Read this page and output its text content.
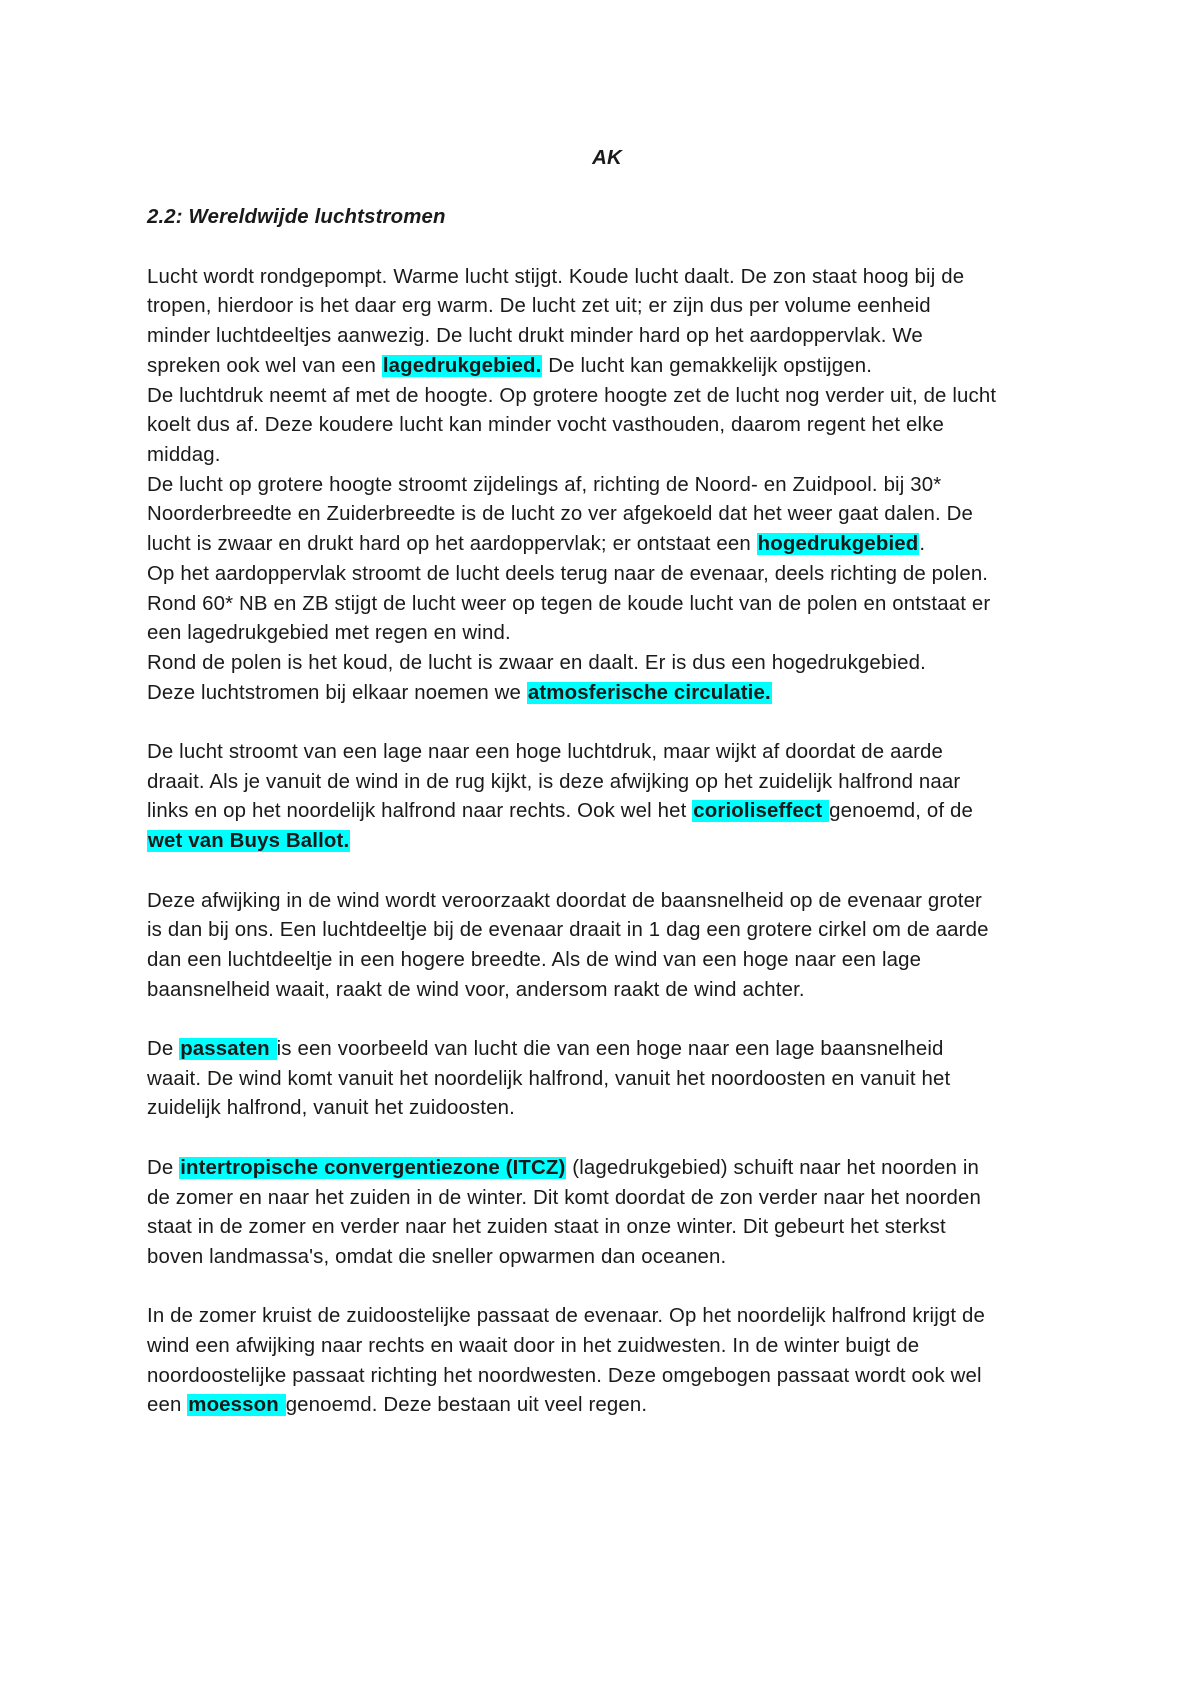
AK
2.2: Wereldwijde luchtstromen
Lucht wordt rondgepompt. Warme lucht stijgt. Koude lucht daalt. De zon staat hoog bij de
tropen, hierdoor is het daar erg warm. De lucht zet uit; er zijn dus per volume eenheid
minder luchtdeeltjes aanwezig. De lucht drukt minder hard op het aardoppervlak. We
spreken ook wel van een lagedrukgebied. De lucht kan gemakkelijk opstijgen.
De luchtdruk neemt af met de hoogte. Op grotere hoogte zet de lucht nog verder uit, de lucht
koelt dus af. Deze koudere lucht kan minder vocht vasthouden, daarom regent het elke
middag.
De lucht op grotere hoogte stroomt zijdelings af, richting de Noord- en Zuidpool. bij 30*
Noorderbreedte en Zuiderbreedte is de lucht zo ver afgekoeld dat het weer gaat dalen. De
lucht is zwaar en drukt hard op het aardoppervlak; er ontstaat een hogedrukgebied.
Op het aardoppervlak stroomt de lucht deels terug naar de evenaar, deels richting de polen.
Rond 60* NB en ZB stijgt de lucht weer op tegen de koude lucht van de polen en ontstaat er
een lagedrukgebied met regen en wind.
Rond de polen is het koud, de lucht is zwaar en daalt. Er is dus een hogedrukgebied.
Deze luchtstromen bij elkaar noemen we atmosferische circulatie.
De lucht stroomt van een lage naar een hoge luchtdruk, maar wijkt af doordat de aarde
draait. Als je vanuit de wind in de rug kijkt, is deze afwijking op het zuidelijk halfrond naar
links en op het noordelijk halfrond naar rechts. Ook wel het corioliseffect genoemd, of de
wet van Buys Ballot.
Deze afwijking in de wind wordt veroorzaakt doordat de baansnelheid op de evenaar groter
is dan bij ons. Een luchtdeeltje bij de evenaar draait in 1 dag een grotere cirkel om de aarde
dan een luchtdeeltje in een hogere breedte. Als de wind van een hoge naar een lage
baansnelheid waait, raakt de wind voor, andersom raakt de wind achter.
De passaten is een voorbeeld van lucht die van een hoge naar een lage baansnelheid
waait. De wind komt vanuit het noordelijk halfrond, vanuit het noordoosten en vanuit het
zuidelijk halfrond, vanuit het zuidoosten.
De intertropische convergentiezone (ITCZ) (lagedrukgebied) schuift naar het noorden in
de zomer en naar het zuiden in de winter. Dit komt doordat de zon verder naar het noorden
staat in de zomer en verder naar het zuiden staat in onze winter. Dit gebeurt het sterkst
boven landmassa's, omdat die sneller opwarmen dan oceanen.
In de zomer kruist de zuidoostelijke passaat de evenaar. Op het noordelijk halfrond krijgt de
wind een afwijking naar rechts en waait door in het zuidwesten. In de winter buigt de
noordoostelijke passaat richting het noordwesten. Deze omgebogen passaat wordt ook wel
een moesson genoemd. Deze bestaan uit veel regen.
